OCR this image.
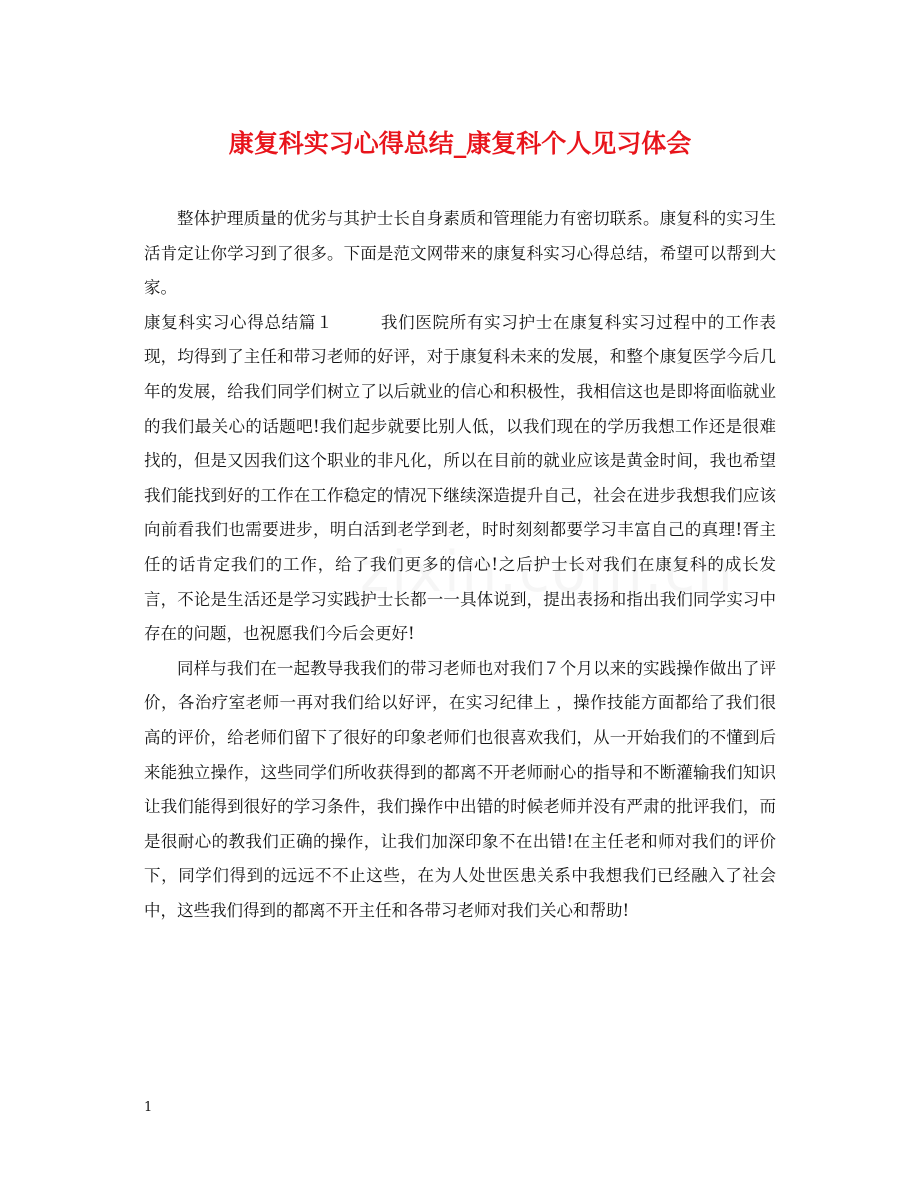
康复科实习心得总结_康复科个人见习体会

整体护理质量的优劣与其护士长自身素质和管理能力有密切联系。康复科的实习生活肯定让你学习到了很多。下面是范文网带来的康复科实习心得总结，希望可以帮到大家。

康复科实习心得总结篇１	我们医院所有实习护士在康复科实习过程中的工作表现，均得到了主任和带习老师的好评，对于康复科未来的发展，和整个康复医学今后几年的发展，给我们同学们树立了以后就业的信心和积极性，我相信这也是即将面临就业的我们最关心的话题吧!我们起步就要比别人低，以我们现在的学历我想工作还是很难找的，但是又因我们这个职业的非凡化，所以在目前的就业应该是黄金时间，我也希望我们能找到好的工作在工作稳定的情况下继续深造提升自己，社会在进步我想我们应该向前看我们也需要进步，明白活到老学到老，时时刻刻都要学习丰富自己的真理!胥主任的话肯定我们的工作，给了我们更多的信心!之后护士长对我们在康复科的成长发言，不论是生活还是学习实践护士长都一一具体说到，提出表扬和指出我们同学实习中存在的问题，也祝愿我们今后会更好!

同样与我们在一起教导我我们的带习老师也对我们７个月以来的实践操作做出了评价，各治疗室老师一再对我们给以好评，在实习纪律上 ，操作技能方面都给了我们很高的评价，给老师们留下了很好的印象老师们也很喜欢我们，从一开始我们的不懂到后来能独立操作，这些同学们所收获得到的都离不开老师耐心的指导和不断灌输我们知识让我们能得到很好的学习条件，我们操作中出错的时候老师并没有严肃的批评我们，而是很耐心的教我们正确的操作，让我们加深印象不在出错!在主任老和师对我们的评价下，同学们得到的远远不不止这些，在为人处世医患关系中我想我们已经融入了社会中，这些我们得到的都离不开主任和各带习老师对我们关心和帮助!

1
